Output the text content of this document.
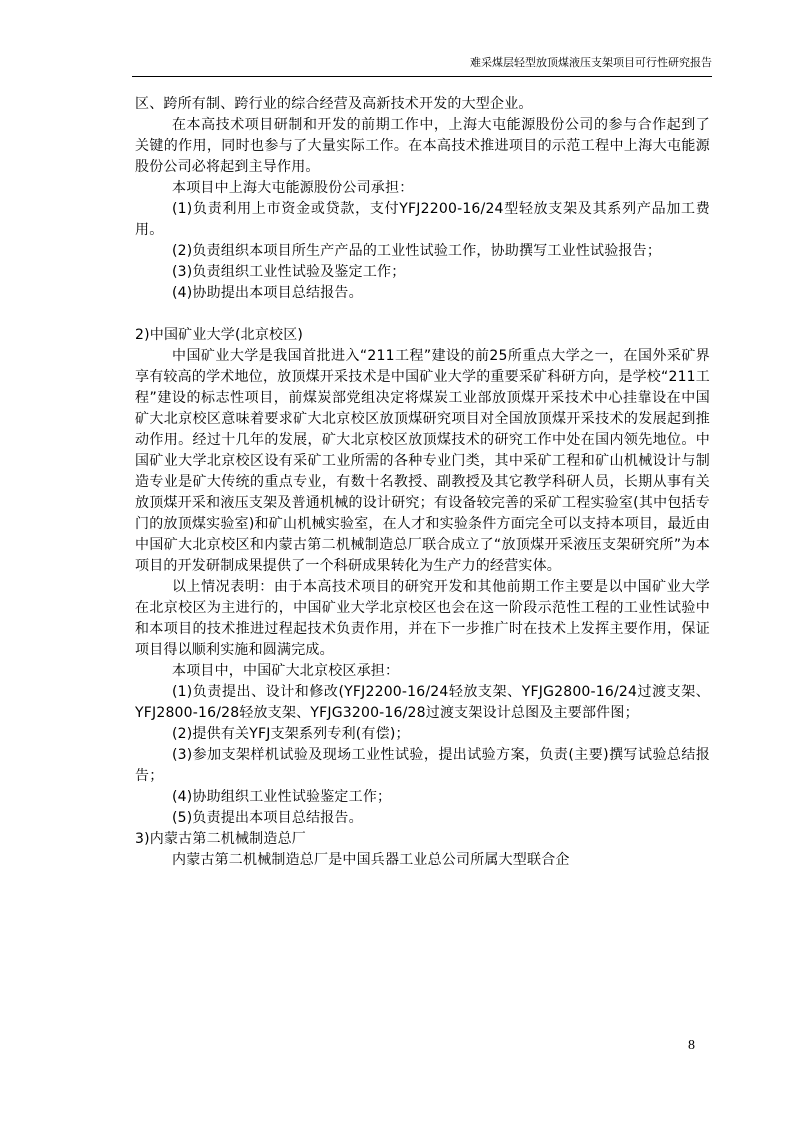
难采煤层轻型放顶煤液压支架项目可行性研究报告

区、跨所有制、跨行业的综合经营及高新技术开发的大型企业。

在本高技术项目研制和开发的前期工作中，上海大屯能源股份公司的参与合作起到了关键的作用，同时也参与了大量实际工作。在本高技术推进项目的示范工程中上海大屯能源股份公司必将起到主导作用。

本项目中上海大屯能源股份公司承担：

(1)负责利用上市资金或贷款，支付YFJ2200-16/24型轻放支架及其系列产品加工费用。

(2)负责组织本项目所生产产品的工业性试验工作，协助撰写工业性试验报告；

(3)负责组织工业性试验及鉴定工作；

(4)协助提出本项目总结报告。

2)中国矿业大学(北京校区)

中国矿业大学是我国首批进入“211工程”建设的前25所重点大学之一，在国外采矿界享有较高的学术地位，放顶煤开采技术是中国矿业大学的重要采矿科研方向，是学校“211工程”建设的标志性项目，前煤炭部党组决定将煤炭工业部放顶煤开采技术中心挂靠设在中国矿大北京校区意味着要求矿大北京校区放顶煤研究项目对全国放顶煤开采技术的发展起到推动作用。经过十几年的发展，矿大北京校区放顶煤技术的研究工作中处在国内领先地位。中国矿业大学北京校区设有采矿工业所需的各种专业门类，其中采矿工程和矿山机械设计与制造专业是矿大传统的重点专业，有数十名教授、副教授及其它教学科研人员，长期从事有关放顶煤开采和液压支架及普通机械的设计研究；有设备较完善的采矿工程实验室(其中包括专门的放顶煤实验室)和矿山机械实验室，在人才和实验条件方面完全可以支持本项目，最近由中国矿大北京校区和内蒙古第二机械制造总厂联合成立了“放顶煤开采液压支架研究所”为本项目的开发研制成果提供了一个科研成果转化为生产力的经营实体。

以上情况表明：由于本高技术项目的研究开发和其他前期工作主要是以中国矿业大学在北京校区为主进行的，中国矿业大学北京校区也会在这一阶段示范性工程的工业性试验中和本项目的技术推进过程起技术负责作用，并在下一步推广时在技术上发挥主要作用，保证项目得以顺利实施和圆满完成。

本项目中，中国矿大北京校区承担：

(1)负责提出、设计和修改(YFJ2200-16/24轻放支架、YFJG2800-16/24过渡支架、YFJ2800-16/28轻放支架、YFJG3200-16/28过渡支架设计总图及主要部件图；

(2)提供有关YFJ支架系列专利(有偿)；

(3)参加支架样机试验及现场工业性试验，提出试验方案，负责(主要)撰写试验总结报告；

(4)协助组织工业性试验鉴定工作；

(5)负责提出本项目总结报告。

3)内蒙古第二机械制造总厂

内蒙古第二机械制造总厂是中国兵器工业总公司所属大型联合企

8
